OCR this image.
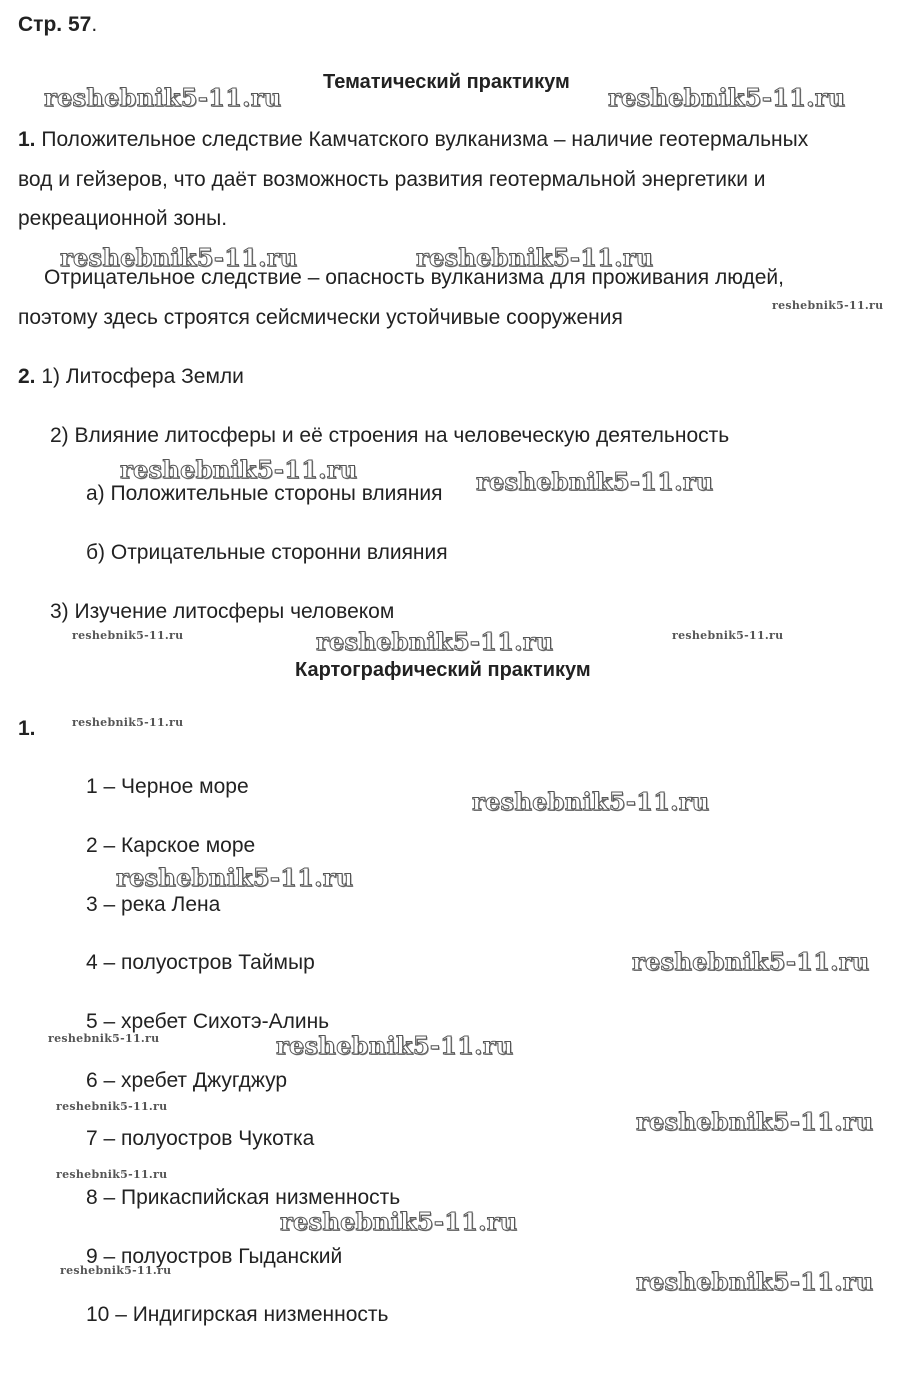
Стр. 57.
Тематический практикум
1. Положительное следствие Камчатского вулканизма – наличие геотермальных
вод и гейзеров, что даёт возможность развития геотермальной энергетики и
рекреационной зоны.
Отрицательное следствие – опасность вулканизма для проживания людей,
поэтому здесь строятся сейсмически устойчивые сооружения
2. 1) Литосфера Земли
2) Влияние литосферы и её строения на человеческую деятельность
а) Положительные стороны влияния
б) Отрицательные сторонни влияния
3) Изучение литосферы человеком
Картографический практикум
1.
1 – Черное море
2 – Карское море
3 – река Лена
4 – полуостров Таймыр
5 – хребет Сихотэ-Алинь
6 – хребет Джугджур
7 – полуостров Чукотка
8 – Прикаспийская низменность
9 – полуостров Гыданский
10 – Индигирская низменность
reshebnik5-11.ru	reshebnik5-11.ru
reshebnik5-11.ru	reshebnik5-11.ru
reshebnik5-11.ru	reshebnik5-11.ru
reshebnik5-11.ru
reshebnik5-11.ru
reshebnik5-11.ru
reshebnik5-11.ru
reshebnik5-11.ru
reshebnik5-11.ru
reshebnik5-11.ru
reshebnik5-11.ru
reshebnik5-11.ru
reshebnik5-11.ru	reshebnik5-11.ru
reshebnik5-11.ru
reshebnik5-11.ru
reshebnik5-11.ru
reshebnik5-11.ru
reshebnik5-11.ru
